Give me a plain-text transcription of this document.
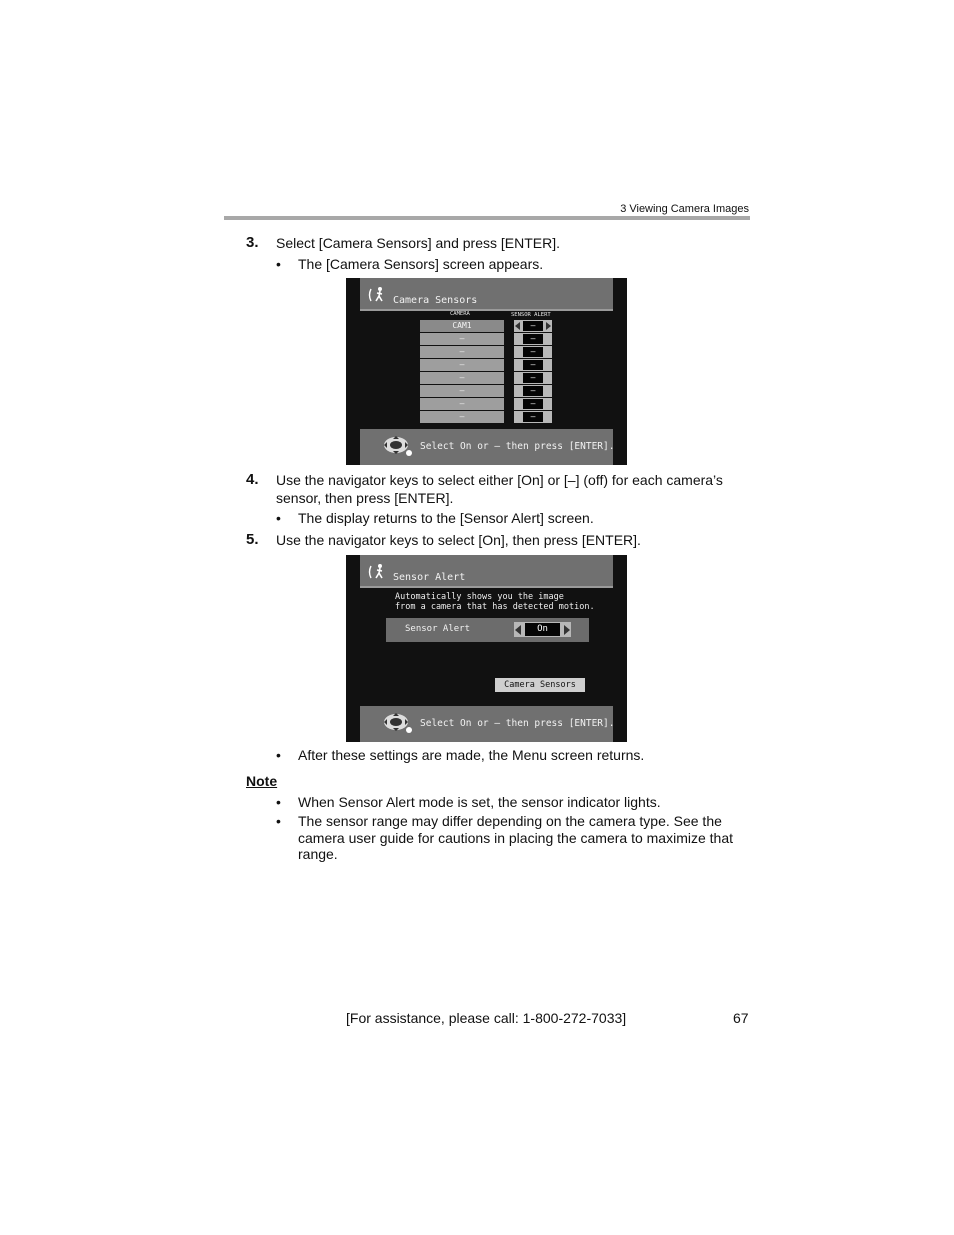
3 Viewing Camera Images
3. Select [Camera Sensors] and press [ENTER].
• The [Camera Sensors] screen appears.
Camera Sensors
CAMERA	SENSOR ALERT
CAM1	—
—	—
—	—
—	—
—	—
—	—
—	—
—	—
Select On or – then press [ENTER].
4. Use the navigator keys to select either [On] or [–] (off) for each camera’s
sensor, then press [ENTER].
• The display returns to the [Sensor Alert] screen.
5. Use the navigator keys to select [On], then press [ENTER].
Sensor Alert
Automatically shows you the image
from a camera that has detected motion.
Sensor Alert	On
Camera Sensors
Select On or – then press [ENTER].
• After these settings are made, the Menu screen returns.
Note
• When Sensor Alert mode is set, the sensor indicator lights.
• The sensor range may differ depending on the camera type. See the
camera user guide for cautions in placing the camera to maximize that
range.
[For assistance, please call: 1-800-272-7033]	67
